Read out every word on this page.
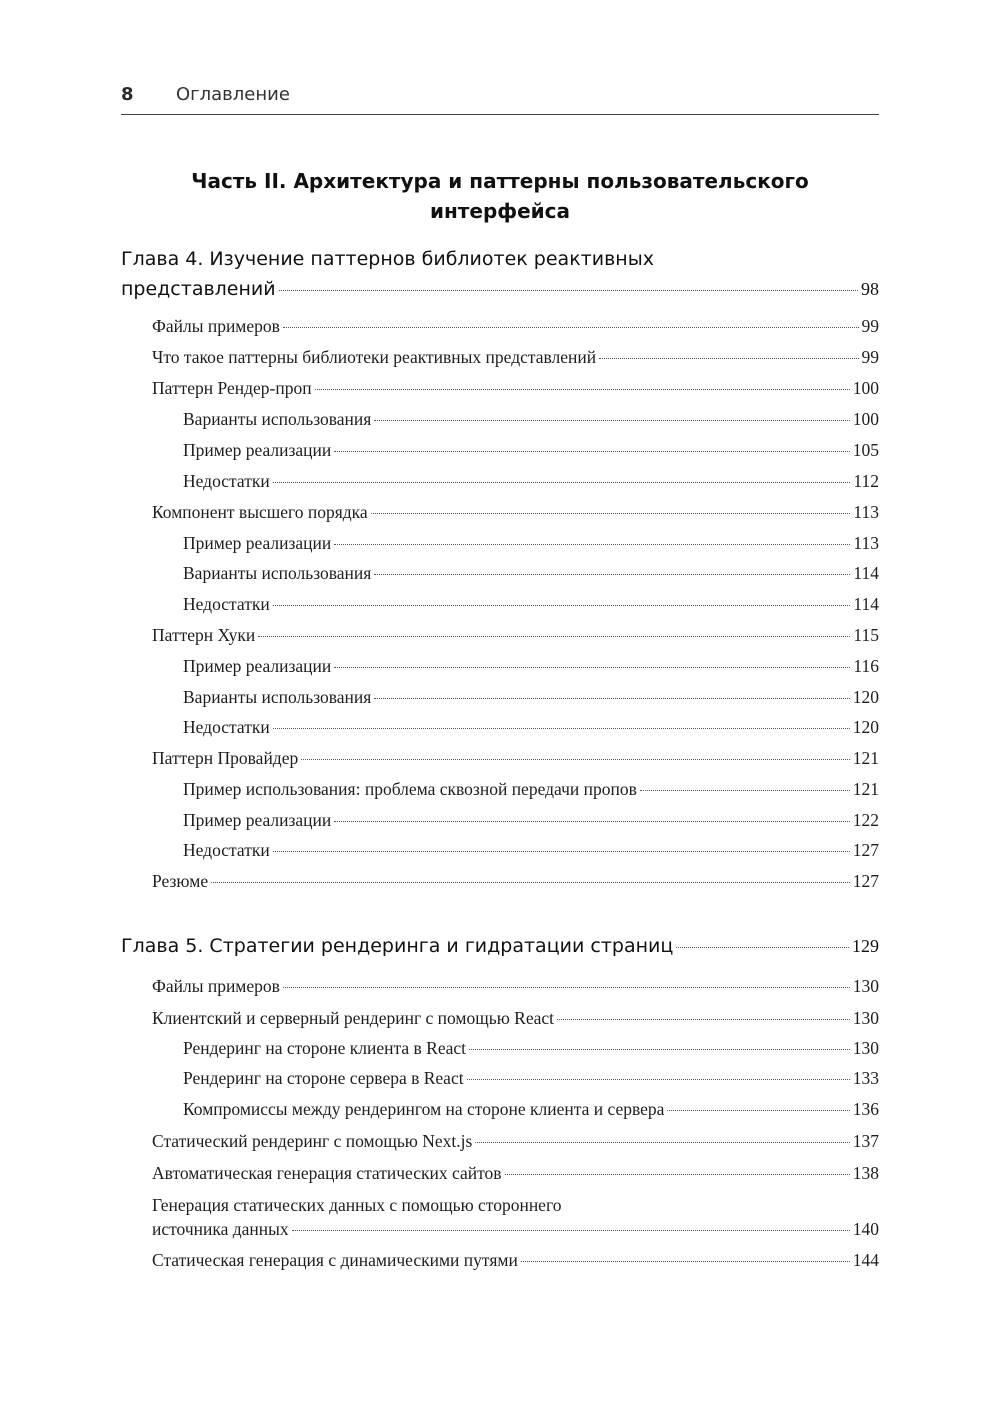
8 Оглавление
Часть II. Архитектура и паттерны пользовательского
интерфейса
Глава 4. Изучение паттернов библиотек реактивных
представлений	98
Файлы примеров	99
Что такое паттерны библиотеки реактивных представлений	99
Паттерн Рендер-проп	100
Варианты использования	100
Пример реализации	105
Недостатки	112
Компонент высшего порядка	113
Пример реализации	113
Варианты использования	114
Недостатки	114
Паттерн Хуки	115
Пример реализации	116
Варианты использования	120
Недостатки	120
Паттерн Провайдер	121
Пример использования: проблема сквозной передачи пропов	121
Пример реализации	122
Недостатки	127
Резюме	127
Глава 5. Стратегии рендеринга и гидратации страниц	129
Файлы примеров	130
Клиентский и серверный рендеринг с помощью React	130
Рендеринг на стороне клиента в React	130
Рендеринг на стороне сервера в React	133
Компромиссы между рендерингом на стороне клиента и сервера	136
Статический рендеринг с помощью Next.js	137
Автоматическая генерация статических сайтов	138
Генерация статических данных с помощью стороннего
источника данных	140
Статическая генерация с динамическими путями	144
